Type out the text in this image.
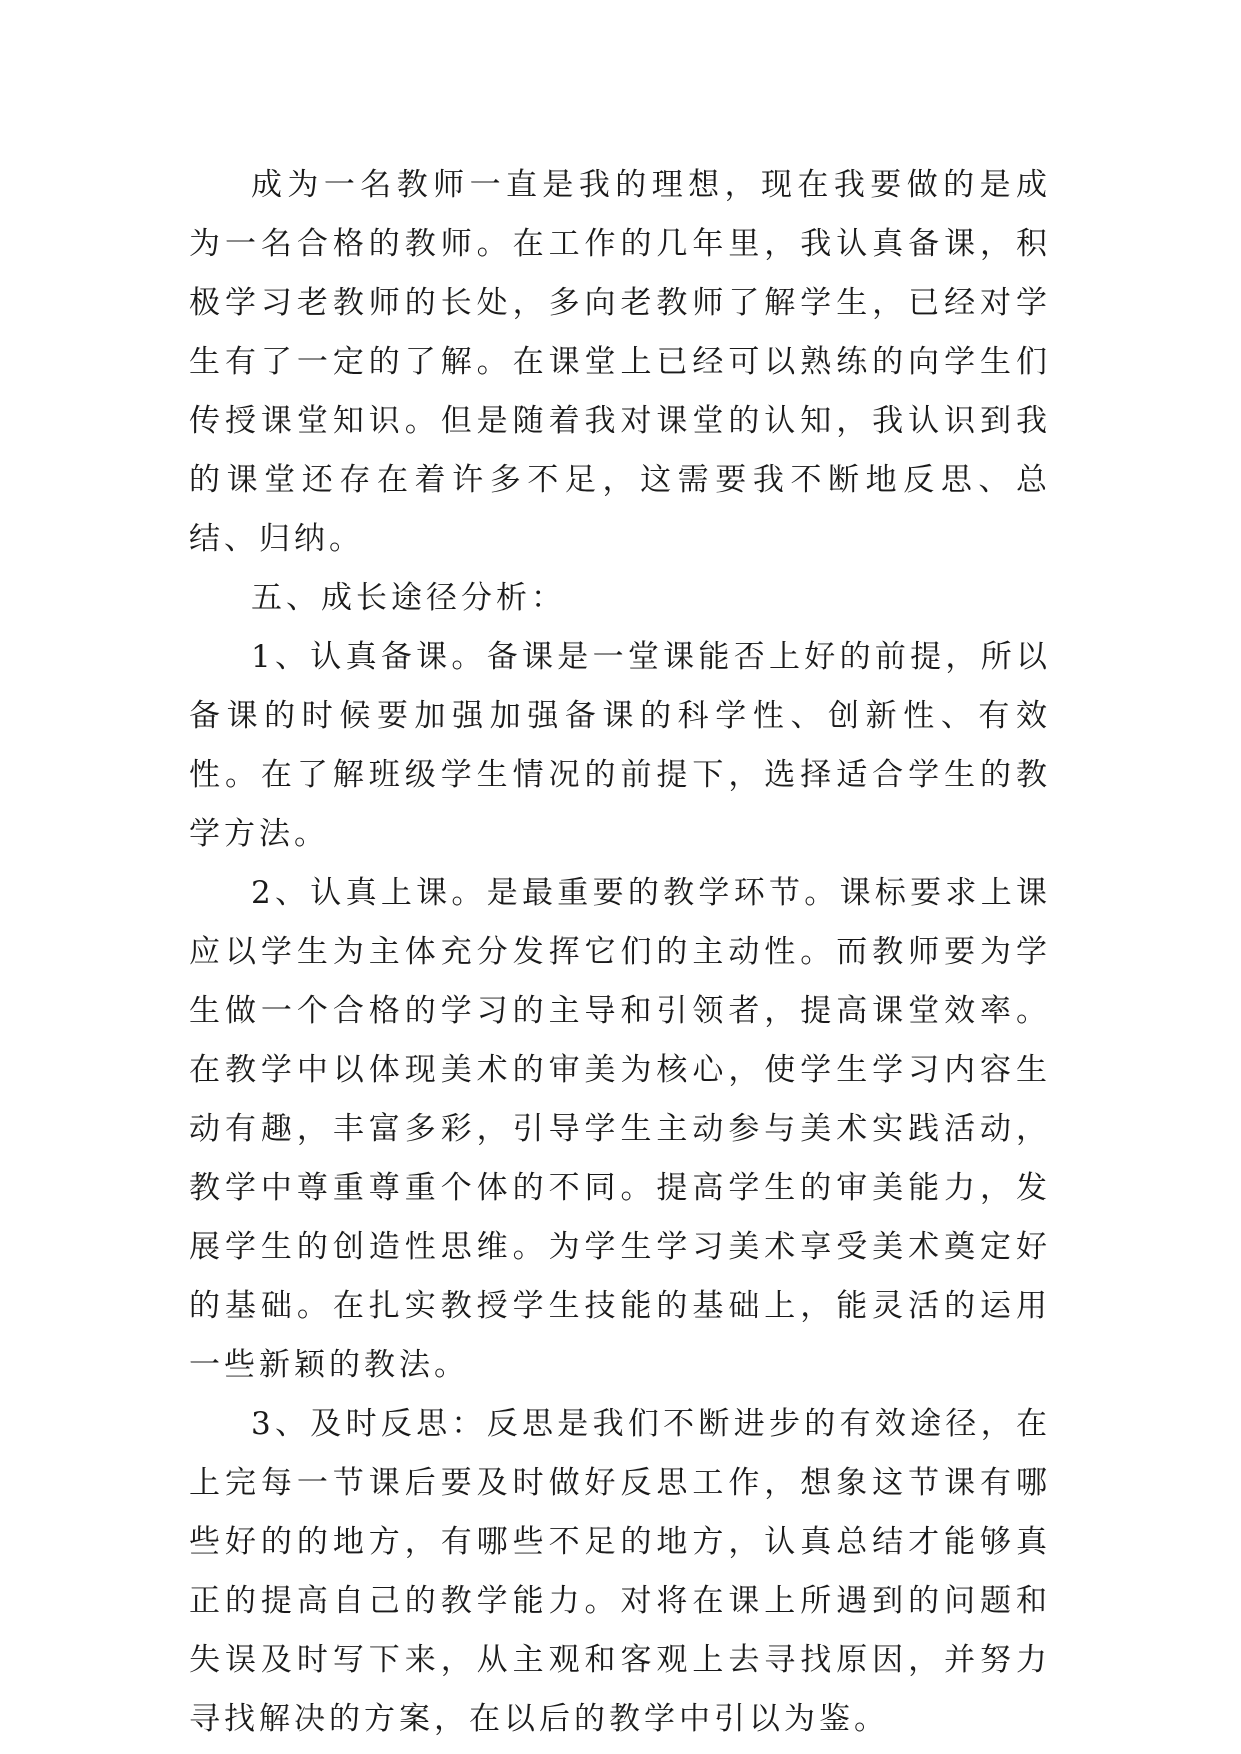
成为一名教师一直是我的理想，现在我要做的是成为一名合格的教师。在工作的几年里，我认真备课，积极学习老教师的长处，多向老教师了解学生，已经对学生有了一定的了解。在课堂上已经可以熟练的向学生们传授课堂知识。但是随着我对课堂的认知，我认识到我的课堂还存在着许多不足，这需要我不断地反思、总结、归纳。

五、成长途径分析：

1、认真备课。备课是一堂课能否上好的前提，所以备课的时候要加强加强备课的科学性、创新性、有效性。在了解班级学生情况的前提下，选择适合学生的教学方法。

2、认真上课。是最重要的教学环节。课标要求上课应以学生为主体充分发挥它们的主动性。而教师要为学生做一个合格的学习的主导和引领者，提高课堂效率。在教学中以体现美术的审美为核心，使学生学习内容生动有趣，丰富多彩，引导学生主动参与美术实践活动，教学中尊重尊重个体的不同。提高学生的审美能力，发展学生的创造性思维。为学生学习美术享受美术奠定好的基础。在扎实教授学生技能的基础上，能灵活的运用一些新颖的教法。

3、及时反思：反思是我们不断进步的有效途径，在上完每一节课后要及时做好反思工作，想象这节课有哪些好的的地方，有哪些不足的地方，认真总结才能够真正的提高自己的教学能力。对将在课上所遇到的问题和失误及时写下来，从主观和客观上去寻找原因，并努力寻找解决的方案，在以后的教学中引以为鉴。
